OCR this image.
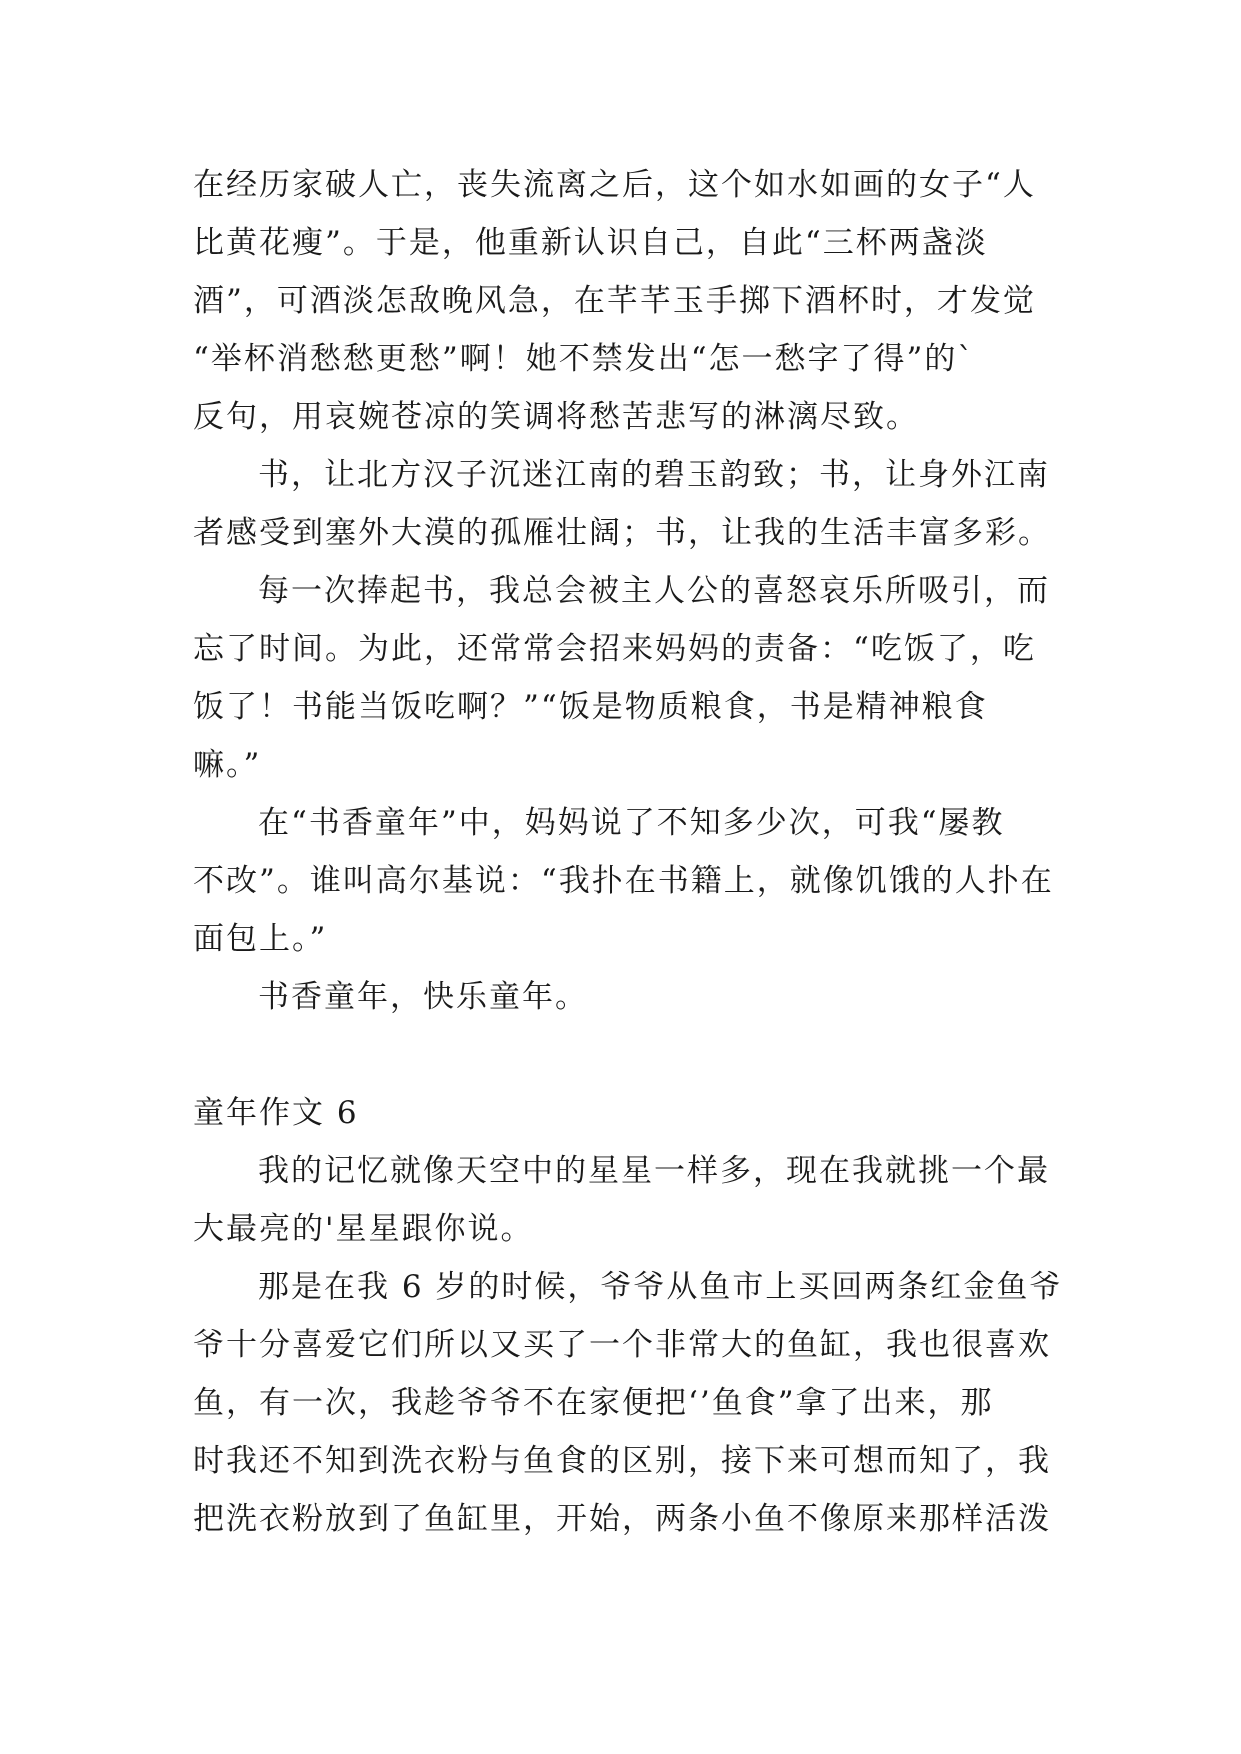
在经历家破人亡，丧失流离之后，这个如水如画的女子“人
比黄花瘦”。于是，他重新认识自己，自此“三杯两盏淡
酒”，可酒淡怎敌晚风急，在芊芊玉手掷下酒杯时，才发觉
“举杯消愁愁更愁”啊！她不禁发出“怎一愁字了得”的`
反句，用哀婉苍凉的笑调将愁苦悲写的淋漓尽致。
书，让北方汉子沉迷江南的碧玉韵致；书，让身外江南
者感受到塞外大漠的孤雁壮阔；书，让我的生活丰富多彩。
每一次捧起书，我总会被主人公的喜怒哀乐所吸引，而
忘了时间。为此，还常常会招来妈妈的责备：“吃饭了，吃
饭了！书能当饭吃啊？”“饭是物质粮食，书是精神粮食
嘛。”
在“书香童年”中，妈妈说了不知多少次，可我“屡教
不改”。谁叫高尔基说：“我扑在书籍上，就像饥饿的人扑在
面包上。”
书香童年，快乐童年。
童年作文 6
我的记忆就像天空中的星星一样多，现在我就挑一个最
大最亮的'星星跟你说。
那是在我 6 岁的时候，爷爷从鱼市上买回两条红金鱼爷
爷十分喜爱它们所以又买了一个非常大的鱼缸，我也很喜欢
鱼，有一次，我趁爷爷不在家便把‘’鱼食”拿了出来，那
时我还不知到洗衣粉与鱼食的区别，接下来可想而知了，我
把洗衣粉放到了鱼缸里，开始，两条小鱼不像原来那样活泼
